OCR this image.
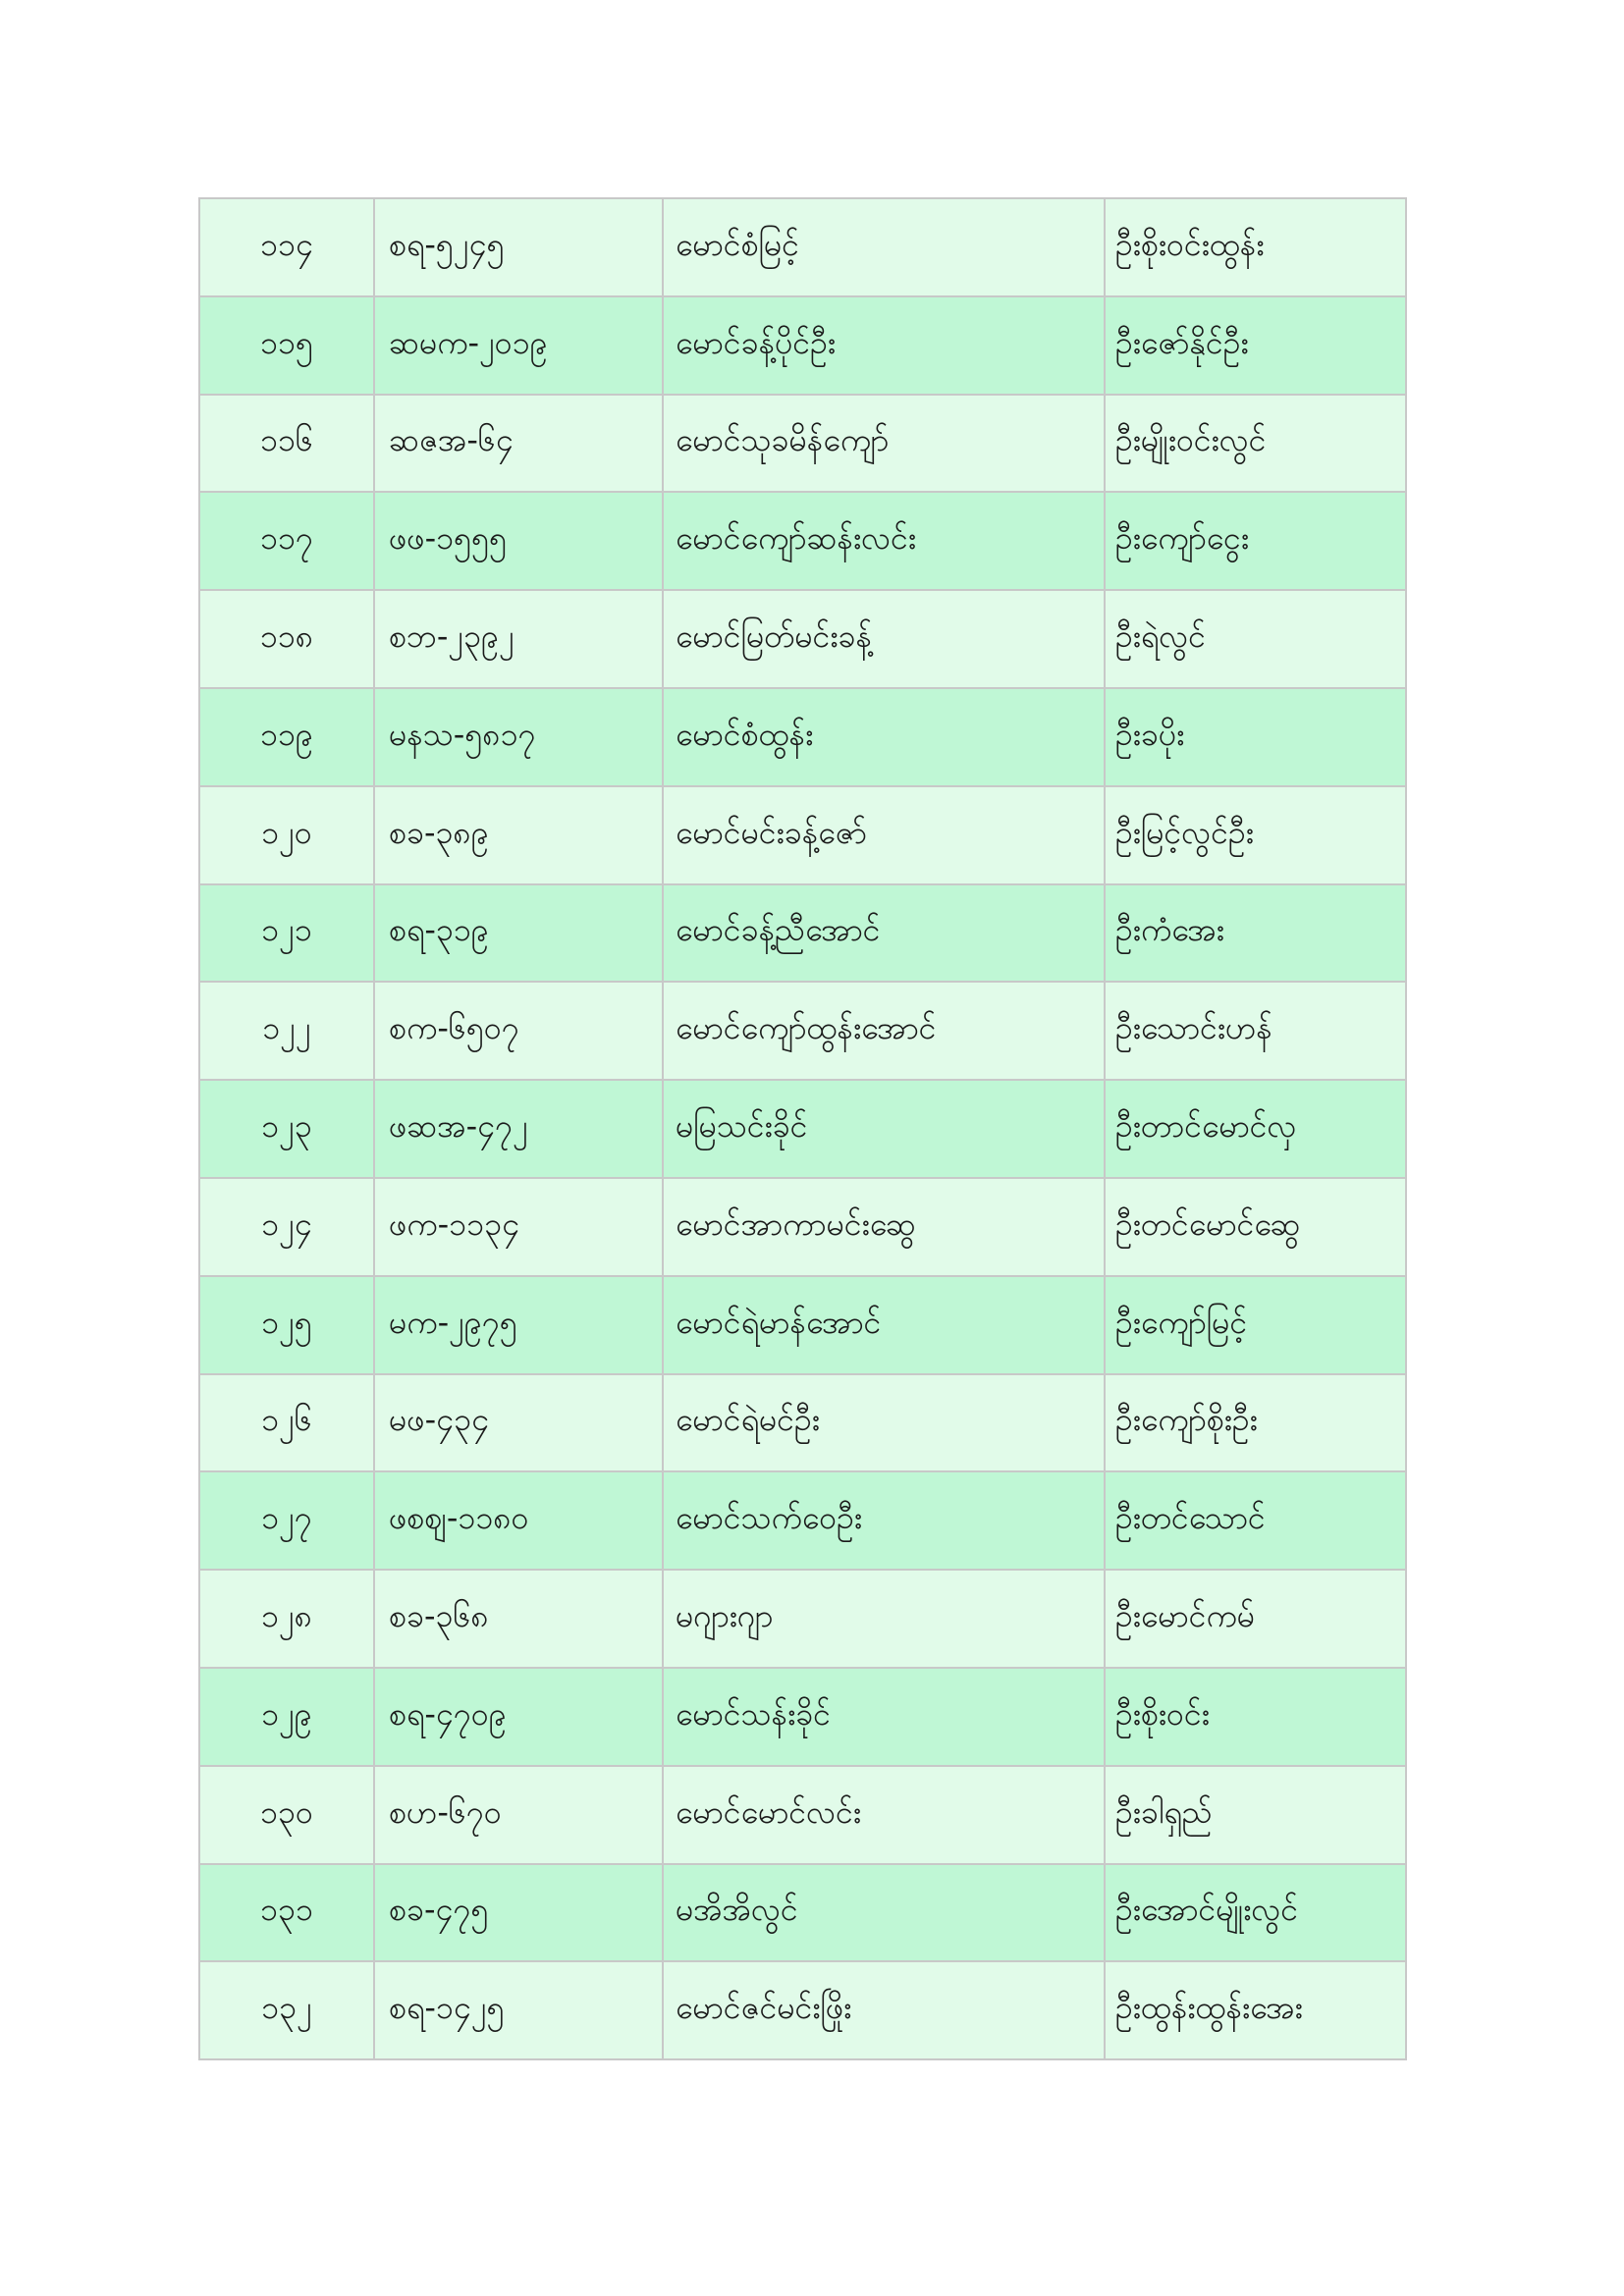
၁၁၄	စရ-၅၂၄၅	မောင်စံမြင့်	ဦးစိုးဝင်းထွန်း
၁၁၅	ဆမက-၂၀၁၉	မောင်ခန့်ပိုင်ဦး	ဦးဇော်နိုင်ဦး
၁၁၆	ဆဇအ-၆၄	မောင်သုခမိန်ကျော်	ဦးမျိုးဝင်းလွင်
၁၁၇	ဖဖ-၁၅၅၅	မောင်ကျော်ဆန်းလင်း	ဦးကျော်ငွေး
၁၁၈	စဘ-၂၃၉၂	မောင်မြတ်မင်းခန့်	ဦးရဲလွင်
၁၁၉	မနသ-၅၈၁၇	မောင်စံထွန်း	ဦးခပိုး
၁၂၀	စခ-၃၈၉	မောင်မင်းခန့်ဇော်	ဦးမြင့်လွင်ဦး
၁၂၁	စရ-၃၁၉	မောင်ခန့်ညီအောင်	ဦးကံအေး
၁၂၂	စက-၆၅၀၇	မောင်ကျော်ထွန်းအောင်	ဦးသောင်းဟန်
၁၂၃	ဖဆအ-၄၇၂	မမြသင်းခိုင်	ဦးတာင်မောင်လှ
၁၂၄	ဖက-၁၁၃၄	မောင်အာကာမင်းဆွေ	ဦးတင်မောင်ဆွေ
၁၂၅	မက-၂၉၇၅	မောင်ရဲမာန်အောင်	ဦးကျော်မြင့်
၁၂၆	မဖ-၄၃၄	မောင်ရဲမင်ဦး	ဦးကျော်စိုးဦး
၁၂၇	ဖစဈ-၁၁၈၀	မောင်သက်ဝေဦး	ဦးတင်သောင်
၁၂၈	စခ-၃၆၈	မဂျားဂျာ	ဦးမောင်ကမ်
၁၂၉	စရ-၄၇၀၉	မောင်သန်းခိုင်	ဦးစိုးဝင်း
၁၃၀	စဟ-၆၇၀	မောင်မောင်လင်း	ဦးခါရှည်
၁၃၁	စခ-၄၇၅	မအိအိလွင်	ဦးအောင်မျိုးလွင်
၁၃၂	စရ-၁၄၂၅	မောင်ဇင်မင်းဖြိုး	ဦးထွန်းထွန်းအေး
